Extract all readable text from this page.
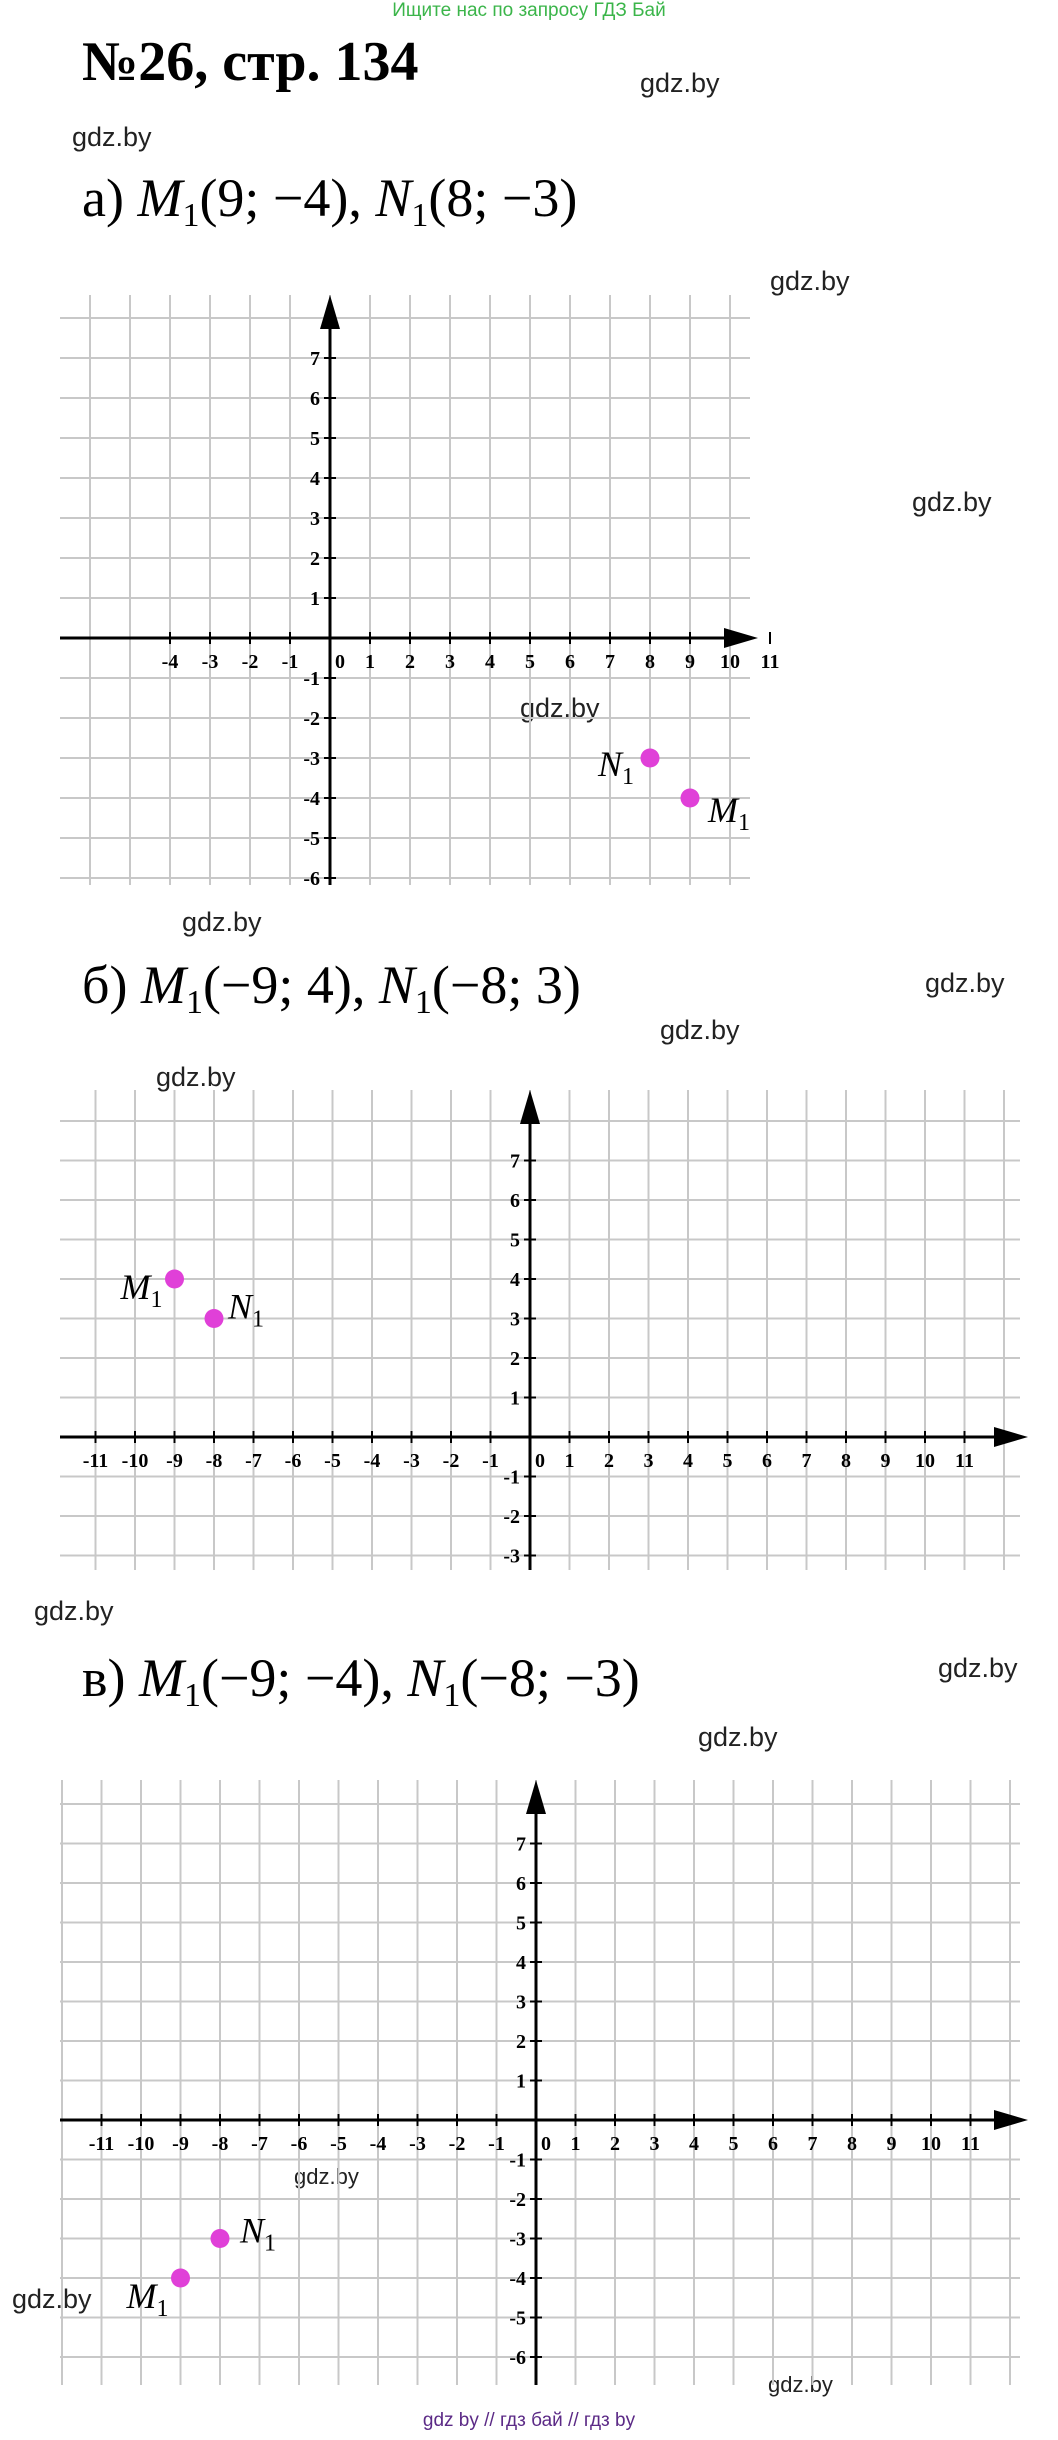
Ищите нас по запросу ГДЗ Бай
№26, стр. 134	gdz.by
gdz.by
gdz.by
gdz.by
gdz.by
gdz.by
gdz.by
gdz.by
gdz.by
gdz.by
gdz.by
gdz.by
gdz.by
gdz.by
gdz.by
а) $M_1(9$; −4), $N_1(8$; −3)
-4 -3 -2 -1 0 1 2 3 4 5 6 7 8 9 10 11
7
6
5
4
3
2
1
-1
-2
-3
-4
-5
-6
$M_1$
$N_1$
б) $M_1(-9$; 4), $N_1(-8$; 3)
-11 -10 -9 -8 -7 -6 -5 -4 -3 -2 -1 0 1 2 3 4 5 6 7 8 9 10 11
7
6
5
4
3
2
1
-1
-2
-3
$M_1$ $N_1$
в) $M_1(-9$; −4), $N_1(-8$; −3)
-11 -10 -9 -8 -7 -6 -5 -4 -3 -2 -1 0 1 2 3 4 5 6 7 8 9 10 11
7
6
5
4
3
2
1
-1
-2
-3
-4
-5
-6
$M_1$
$N_1$
gdz by // гдз бай // гдз by
